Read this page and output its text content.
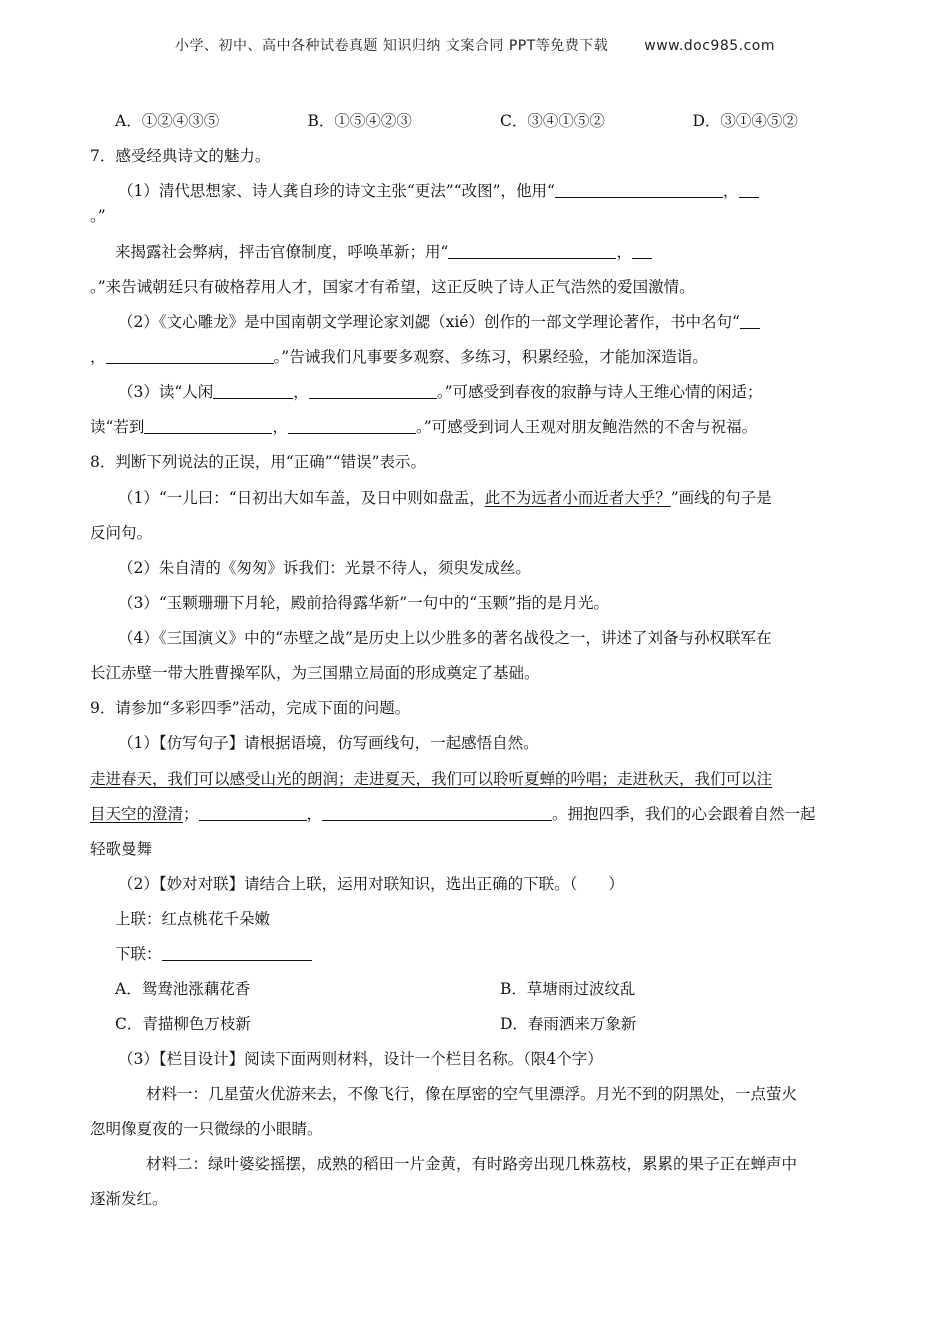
小学、初中、高中各种试卷真题 知识归纳 文案合同 PPT等免费下载	www.doc985.com
A．①②④③⑤	B．①⑤④②③	C．③④①⑤②	D．③①④⑤②
7．感受经典诗文的魅力。
（1）清代思想家、诗人龚自珍的诗文主张“更法”“改图”，他用“	，
。”
来揭露社会弊病，抨击官僚制度，呼唤革新；用“	，
。”来告诫朝廷只有破格荐用人才，国家才有希望，这正反映了诗人正气浩然的爱国激情。
（2）《文心雕龙》是中国南朝文学理论家刘勰（xié）创作的一部文学理论著作，书中名句“
，	。”告诫我们凡事要多观察、多练习，积累经验，才能加深造诣。
（3）读“人闲	，	。”可感受到春夜的寂静与诗人王维心情的闲适；
读“若到	，	。”可感受到词人王观对朋友鲍浩然的不舍与祝福。
8．判断下列说法的正误，用“正确”“错误”表示。
（1）“一儿曰：“日初出大如车盖，及日中则如盘盂，此不为远者小而近者大乎？”画线的句子是
反问句。
（2）朱自清的《匆匆》诉我们：光景不待人，须臾发成丝。
（3）“玉颗珊珊下月轮，殿前拾得露华新”一句中的“玉颗”指的是月光。
（4）《三国演义》中的“赤壁之战”是历史上以少胜多的著名战役之一，讲述了刘备与孙权联军在
长江赤壁一带大胜曹操军队，为三国鼎立局面的形成奠定了基础。
9．请参加“多彩四季”活动，完成下面的问题。
（1）【仿写句子】请根据语境，仿写画线句，一起感悟自然。
走进春天，我们可以感受山光的朗润；走进夏天，我们可以聆听夏蝉的吟唱；走进秋天，我们可以注
目天空的澄清；	，	。拥抱四季，我们的心会跟着自然一起
轻歌曼舞
（2）【妙对对联】请结合上联，运用对联知识，选出正确的下联。（　　）
上联：红点桃花千朵嫩
下联：
A．鸳鸯池涨藕花香	B．草塘雨过波纹乱
C．青描柳色万枝新	D．春雨洒来万象新
（3）【栏目设计】阅读下面两则材料，设计一个栏目名称。（限4个字）
材料一：几星萤火优游来去，不像飞行，像在厚密的空气里漂浮。月光不到的阴黑处，一点萤火
忽明像夏夜的一只微绿的小眼睛。
材料二：绿叶婆娑摇摆，成熟的稻田一片金黄，有时路旁出现几株荔枝，累累的果子正在蝉声中
逐渐发红。
